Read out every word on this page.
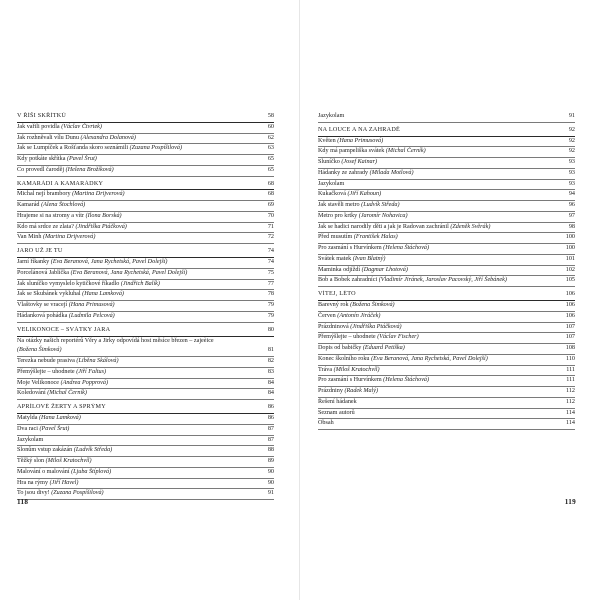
V ŘÍŠI SKŘÍTKŮ	58
Jak vařili povidla (Václav Čtvrtek)	60
Jak rozhněvali vílu Dunu (Alexandra Dolanová)	62
Jak se Lumpíček a Rošťanda skoro seznámili (Zuzana Pospíšilová)	63
Kdy potkáte skřítka (Pavel Šrut)	65
Co provedl čaroděj (Helena Brožíková)	65
KAMARÁDI A KAMARÁDKY	68
Michal nejí brambory (Martina Drijverová)	68
Kamarád (Alena Štochlová)	69
Hrajeme si na stromy a vítr (Ilona Borská)	70
Kdo má srdce ze zlata? (Jindřiška Ptáčková)	71
Van Minh (Martina Drijverová)	72
JARO UŽ JE TU	74
Jarní říkanky (Eva Beranová, Jana Rychetská, Pavel Dolejší)	74
Porcelánová Jablíčka (Eva Beranová, Jana Rychetská, Pavel Dolejší)	75
Jak sluníčko vymyslelo kytičkové říkadlo (Jindřich Balík)	77
Jak se Skubánek vykluhal (Hana Lamková)	78
Vlaštovky se vracejí (Hana Primusová)	79
Hádanková pohádka (Ludmila Pelcová)	79
VELIKONOCE – SVÁTKY JARA	80
Na otázky našich reportérů Věry a Jirky odpovídá host měsíce březen – zajeèice
(Božena Šimková)	81
Terezka nebude prasiva (Liběna Skálová)	82
Přemýšlejte – uhodnete (Jiří Faltus)	83
Moje Velikonoce (Andrea Popprová)	84
Koledování (Michal Černík)	84
APRÍLOVÉ ŽERTY A SPRÝMY	86
Matylda (Hana Lamková)	86
Dva raci (Pavel Šrut)	87
Jazykolam	87
Slonům vstup zakázán (Ludvík Středa)	88
Těžký slon (Miloš Kratochvíl)	89
Malování o malování (Ljuba Štíplová)	90
Hra na rýmy (Jiří Havel)	90
To jsou divy! (Zuzana Pospíšilová)	91
118
Jazykolam	91
NA LOUCE A NA ZAHRADĚ	92
Květen (Hana Primusová)	92
Kdy má pampeliška svátek (Michal Černík)	92
Sluníčko (Josef Kainar)	93
Hádanky ze zahrady (Milada Motlová)	93
Jazykolam	93
Kukačková (Jiří Kahoun)	94
Jak stavěli metro (Ludvík Středa)	96
Metro pro krtky (Jaromír Nohavica)	97
Jak se hadici narodily děti a jak je Radovan zachránil (Zdeněk Svěrák)	98
Před musutím (František Halas)	100
Pro zasmání s Hurvínkem (Helena Štáchová)	100
Svátek matek (Ivan Blatný)	101
Maminka odjíždí (Dagmar Lhotová)	102
Bob a Bobek zahradníci (Vladimír Jiránek, Jaroslav Pacovský, Jiří Šebánek)	105
VÍTEJ, LÉTO	106
Barevný rok (Božena Šimková)	106
Červen (Antonín Jiráček)	106
Prázdninová (Jindřiška Ptáčková)	107
Přemýšlejte – uhodnete (Václav Fischer)	107
Dopis od babičky (Eduard Petiška)	108
Konec školního roku (Eva Beranová, Jana Rychetská, Pavel Dolejší)	110
Tráva (Miloš Kratochvíl)	111
Pro zasmání s Hurvínkem (Helena Štáchová)	111
Prázdniny (Radek Malý)	112
Řešení hádanek	112
Seznam autorů	114
Obsah	114
119
